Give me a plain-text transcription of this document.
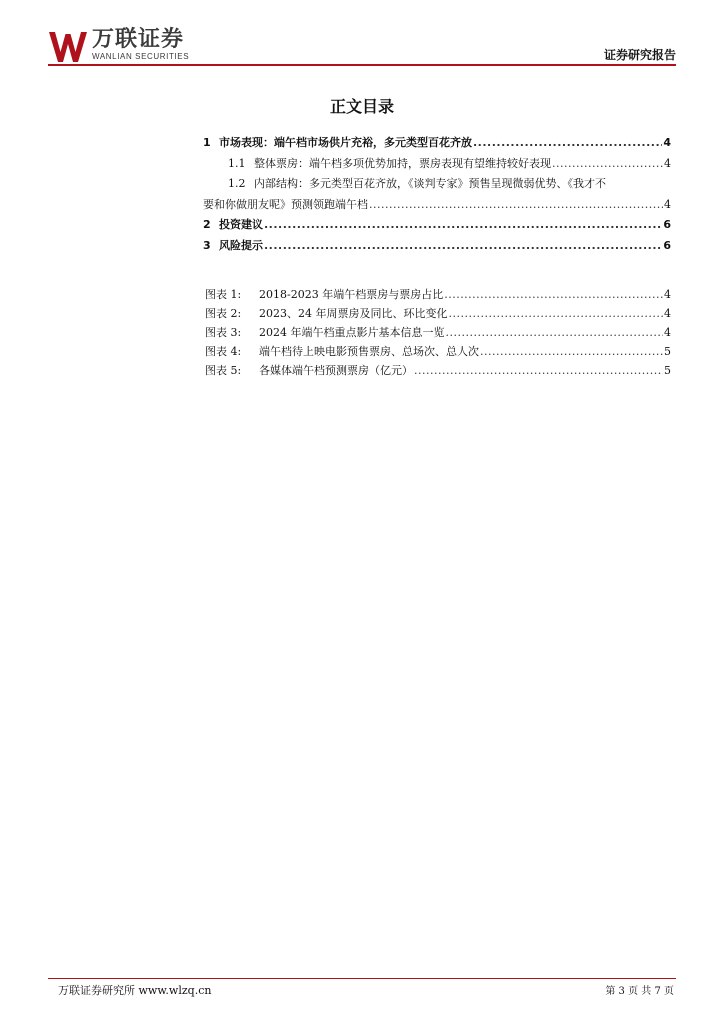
万联证券
WANLIAN SECURITIES	证券研究报告
正文目录
1 市场表现：端午档市场供片充裕，多元类型百花齐放 .....	4
1.1 整体票房：端午档多项优势加持，票房表现有望维持较好表现 .....	4
1.2 内部结构：多元类型百花齐放，《谈判专家》预售呈现微弱优势、《我才不
要和你做朋友呢》预测领跑端午档 .....	4
2 投资建议 .....	6
3 风险提示 .....	6
图表 1: 2018-2023 年端午档票房与票房占比 .....	4
图表 2: 2023、24 年周票房及同比、环比变化 .....	4
图表 3: 2024 年端午档重点影片基本信息一览 .....	4
图表 4: 端午档待上映电影预售票房、总场次、总人次 .....	5
图表 5: 各媒体端午档预测票房（亿元） .....	5
万联证券研究所 www.wlzq.cn	第 3 页 共 7 页
